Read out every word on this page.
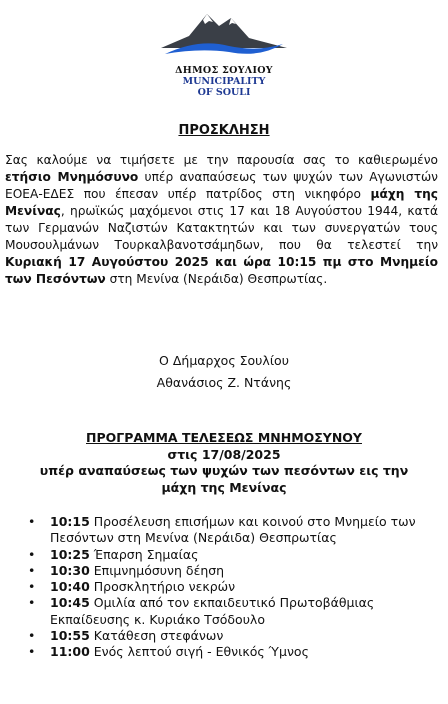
ΔΗΜΟΣ ΣΟΥΛΙΟΥ
MUNICIPALITY
OF SOULI
ΠΡΟΣΚΛΗΣΗ

Σας καλούμε να τιμήσετε με την παρουσία σας το καθιερωμένο ετήσιο Μνημόσυνο υπέρ αναπαύσεως των ψυχών των Αγωνιστών ΕΟΕΑ-ΕΔΕΣ που έπεσαν υπέρ πατρίδος στη νικηφόρο μάχη της Μενίνας, ηρωϊκώς μαχόμενοι στις 17 και 18 Αυγούστου 1944, κατά των Γερμανών Ναζιστών Κατακτητών και των συνεργατών τους Μουσουλμάνων Τουρκαλβανοτσάμηδων, που θα τελεστεί την Κυριακή 17 Αυγούστου 2025 και ώρα 10:15 πμ στο Μνημείο των Πεσόντων στη Μενίνα (Νεράιδα) Θεσπρωτίας.

Ο Δήμαρχος Σουλίου
Αθανάσιος Ζ. Ντάνης
ΠΡΟΓΡΑΜΜΑ ΤΕΛΕΣΕΩΣ ΜΝΗΜΟΣΥΝΟΥ
στις 17/08/2025
υπέρ αναπαύσεως των ψυχών των πεσόντων εις την
μάχη της Μενίνας
• 10:15 Προσέλευση επισήμων και κοινού στο Μνημείο των Πεσόντων στη Μενίνα (Νεράιδα) Θεσπρωτίας
• 10:25 Έπαρση Σημαίας
• 10:30 Επιμνημόσυνη δέηση
• 10:40 Προσκλητήριο νεκρών
• 10:45 Ομιλία από τον εκπαιδευτικό Πρωτοβάθμιας Εκπαίδευσης κ. Κυριάκο Τσόδουλο
• 10:55 Κατάθεση στεφάνων
• 11:00 Ενός λεπτού σιγή - Εθνικός Ύμνος
